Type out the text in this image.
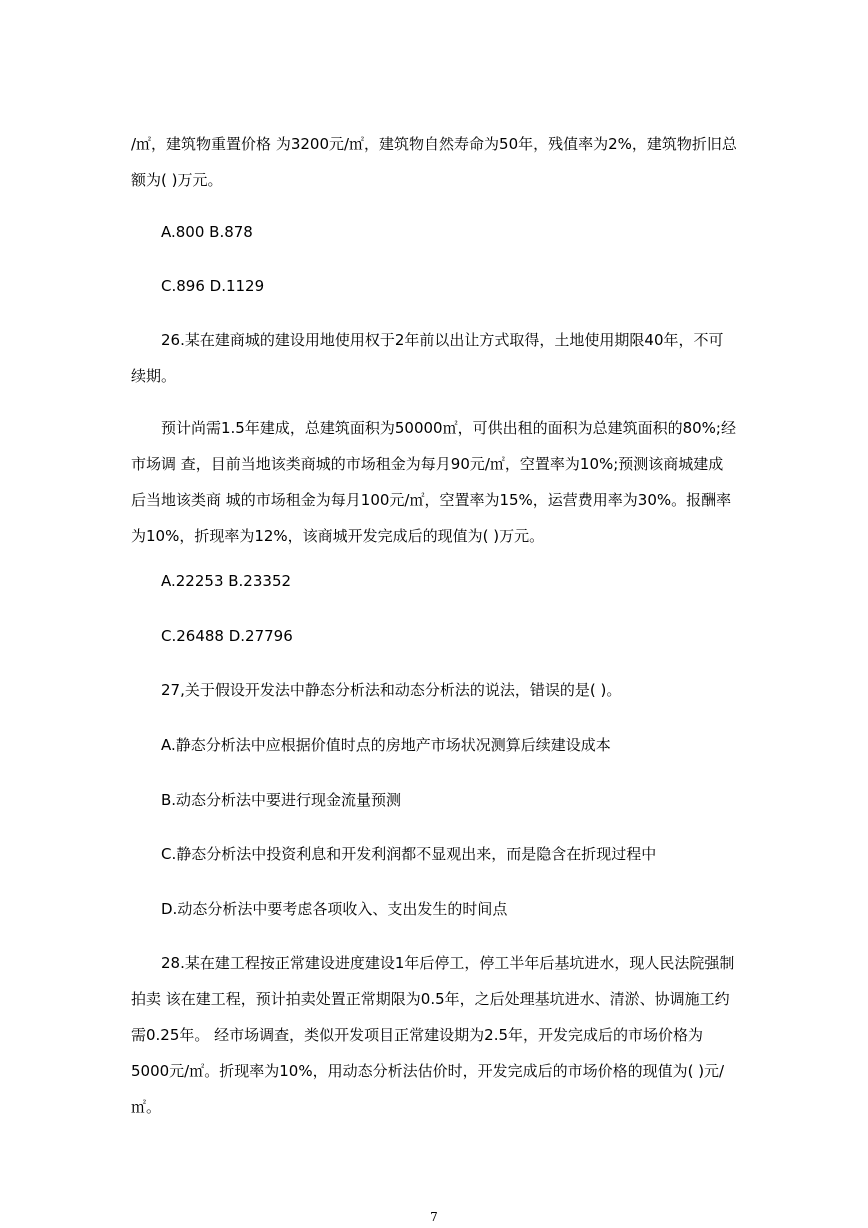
/㎡，建筑物重置价格 为3200元/㎡，建筑物自然寿命为50年，残值率为2%，建筑物折旧总额为( )万元。

A.800 B.878

C.896 D.1129

26.某在建商城的建设用地使用权于2年前以出让方式取得，土地使用期限40年，不可续期。

预计尚需1.5年建成，总建筑面积为50000㎡，可供出租的面积为总建筑面积的80%;经市场调 查，目前当地该类商城的市场租金为每月90元/㎡，空置率为10%;预测该商城建成后当地该类商 城的市场租金为每月100元/㎡，空置率为15%，运营费用率为30%。报酬率为10%，折现率为12%，该商城开发完成后的现值为( )万元。

A.22253 B.23352

C.26488 D.27796

27,关于假设开发法中静态分析法和动态分析法的说法，错误的是( )。

A.静态分析法中应根据价值时点的房地产市场状况测算后续建设成本

B.动态分析法中要进行现金流量预测

C.静态分析法中投资利息和开发利润都不显观出来，而是隐含在折现过程中

D.动态分析法中要考虑各项收入、支出发生的时间点

28.某在建工程按正常建设进度建设1年后停工，停工半年后基坑进水，现人民法院强制拍卖 该在建工程，预计拍卖处置正常期限为0.5年，之后处理基坑进水、清淤、协调施工约需0.25年。 经市场调查，类似开发项目正常建设期为2.5年，开发完成后的市场价格为5000元/㎡。折现率为10%，用动态分析法估价时，开发完成后的市场价格的现值为( )元/㎡。

7
